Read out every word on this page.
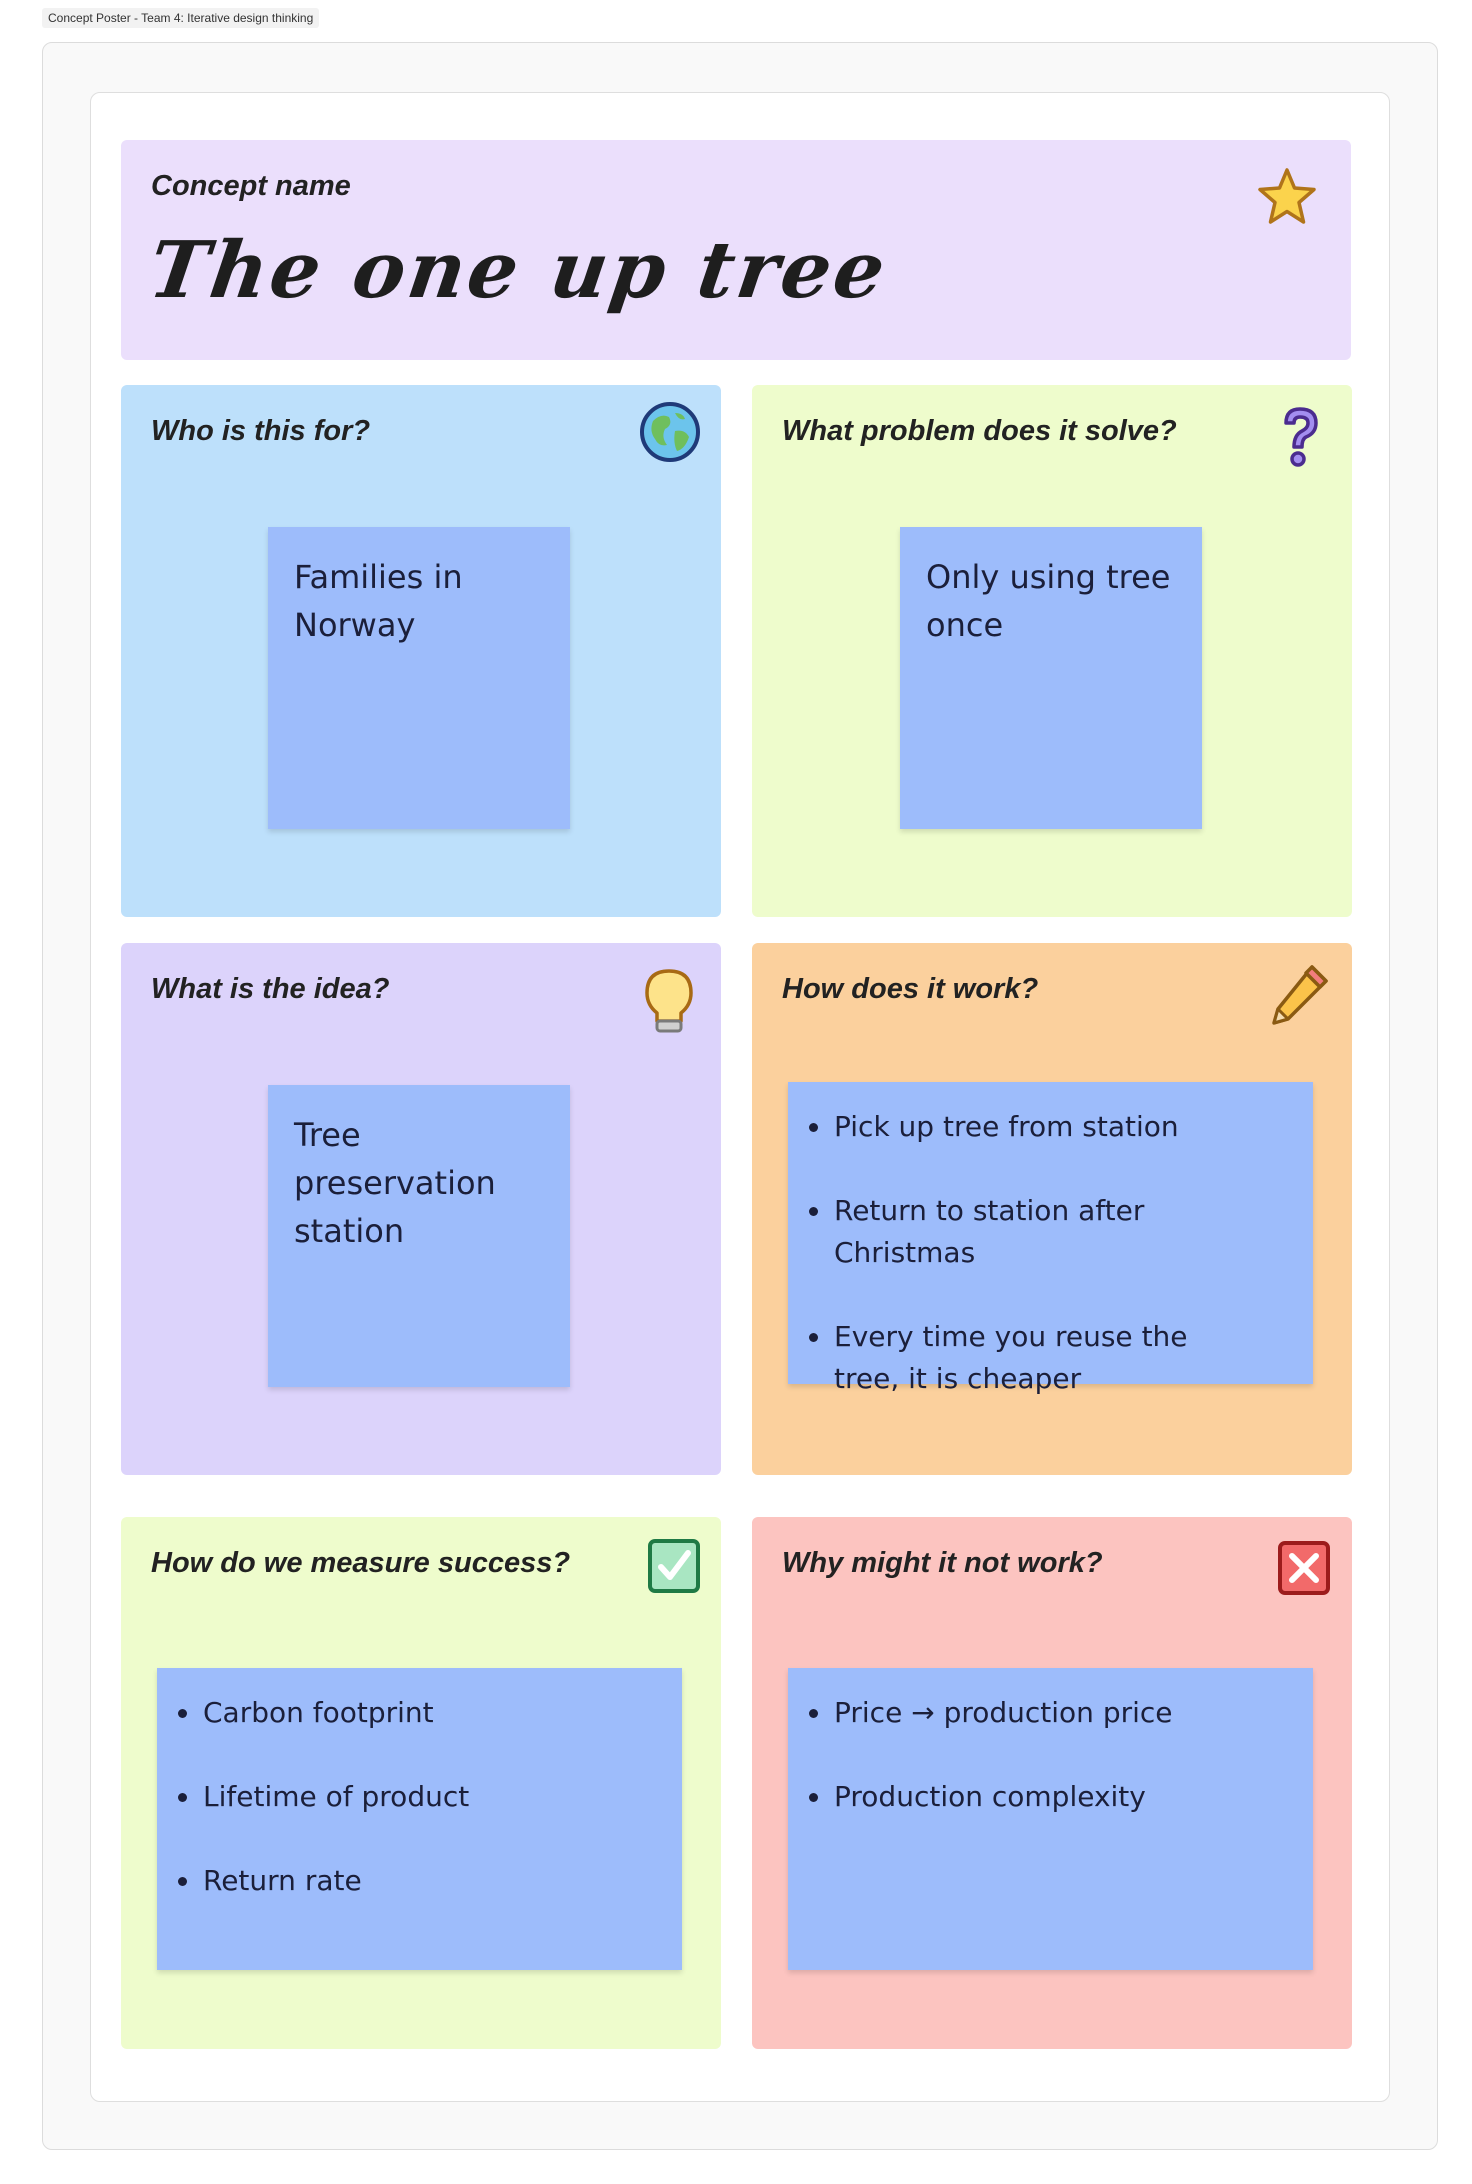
Concept Poster - Team 4: Iterative design thinking
Concept name
The one up tree
Who is this for?
Families in Norway
What problem does it solve?
Only using tree once
What is the idea?
Tree preservation station
How does it work?
Pick up tree from station
Return to station after Christmas
Every time you reuse the tree, it is cheaper
How do we measure success?
Carbon footprint
Lifetime of product
Return rate
Why might it not work?
Price → production price
Production complexity
